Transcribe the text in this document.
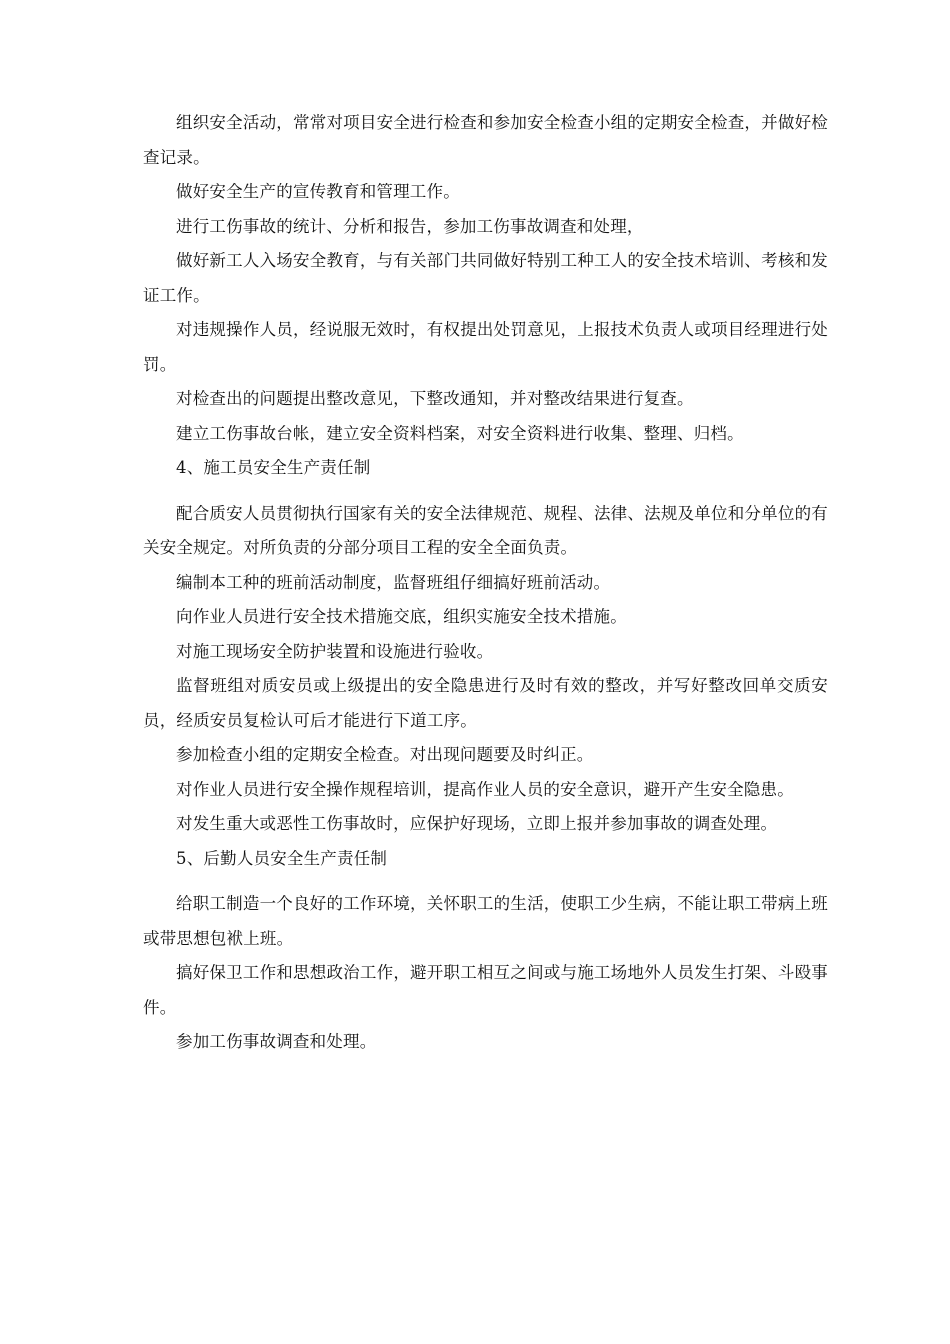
组织安全活动，常常对项目安全进行检查和参加安全检查小组的定期安全检查，并做好检查记录。

做好安全生产的宣传教育和管理工作。

进行工伤事故的统计、分析和报告，参加工伤事故调查和处理，

做好新工人入场安全教育，与有关部门共同做好特别工种工人的安全技术培训、考核和发证工作。

对违规操作人员，经说服无效时，有权提出处罚意见，上报技术负责人或项目经理进行处罚。

对检查出的问题提出整改意见，下整改通知，并对整改结果进行复查。

建立工伤事故台帐，建立安全资料档案，对安全资料进行收集、整理、归档。

4、施工员安全生产责任制

配合质安人员贯彻执行国家有关的安全法律规范、规程、法律、法规及单位和分单位的有关安全规定。对所负责的分部分项目工程的安全全面负责。

编制本工种的班前活动制度，监督班组仔细搞好班前活动。

向作业人员进行安全技术措施交底，组织实施安全技术措施。

对施工现场安全防护装置和设施进行验收。

监督班组对质安员或上级提出的安全隐患进行及时有效的整改，并写好整改回单交质安员，经质安员复检认可后才能进行下道工序。

参加检查小组的定期安全检查。对出现问题要及时纠正。

对作业人员进行安全操作规程培训，提高作业人员的安全意识，避开产生安全隐患。

对发生重大或恶性工伤事故时，应保护好现场，立即上报并参加事故的调查处理。

5、后勤人员安全生产责任制

给职工制造一个良好的工作环境，关怀职工的生活，使职工少生病，不能让职工带病上班或带思想包袱上班。

搞好保卫工作和思想政治工作，避开职工相互之间或与施工场地外人员发生打架、斗殴事件。

参加工伤事故调查和处理。
